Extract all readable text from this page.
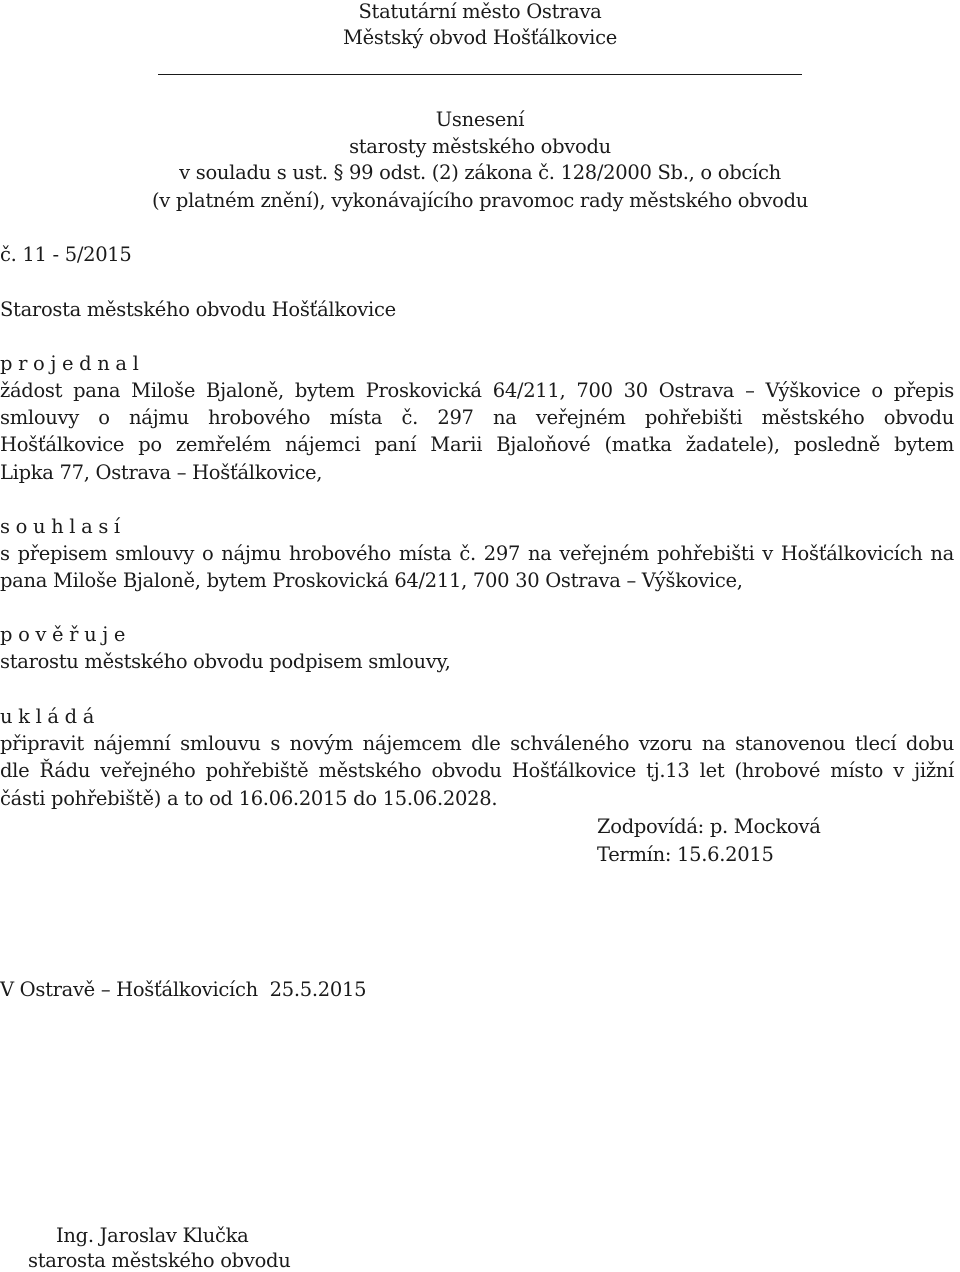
Statutární město Ostrava
Městský obvod Hošťálkovice
Usnesení
starosty městského obvodu
v souladu s ust. § 99 odst. (2) zákona č. 128/2000 Sb., o obcích
(v platném znění), vykonávajícího pravomoc rady městského obvodu
č. 11 - 5/2015
Starosta městského obvodu Hošťálkovice
p r o j e d n a l
žádost pana Miloše Bjaloně, bytem Proskovická 64/211, 700 30 Ostrava – Výškovice o přepis
smlouvy o nájmu hrobového místa č. 297 na veřejném pohřebišti městského obvodu
Hošťálkovice po zemřelém nájemci paní Marii Bjaloňové (matka žadatele), posledně bytem
Lipka 77, Ostrava – Hošťálkovice,
s o u h l a s í
s přepisem smlouvy o nájmu hrobového místa č. 297 na veřejném pohřebišti v Hošťálkovicích na
pana Miloše Bjaloně, bytem Proskovická 64/211, 700 30 Ostrava – Výškovice,
p o v ě ř u j e
starostu městského obvodu podpisem smlouvy,
u k l á d á
připravit nájemní smlouvu s novým nájemcem dle schváleného vzoru na stanovenou tlecí dobu
dle Řádu veřejného pohřebiště městského obvodu Hošťálkovice tj.13 let (hrobové místo v jižní
části pohřebiště) a to od 16.06.2015 do 15.06.2028.
Zodpovídá: p. Mocková
Termín: 15.6.2015
V Ostravě – Hošťálkovicích  25.5.2015
Ing. Jaroslav Klučka
starosta městského obvodu
